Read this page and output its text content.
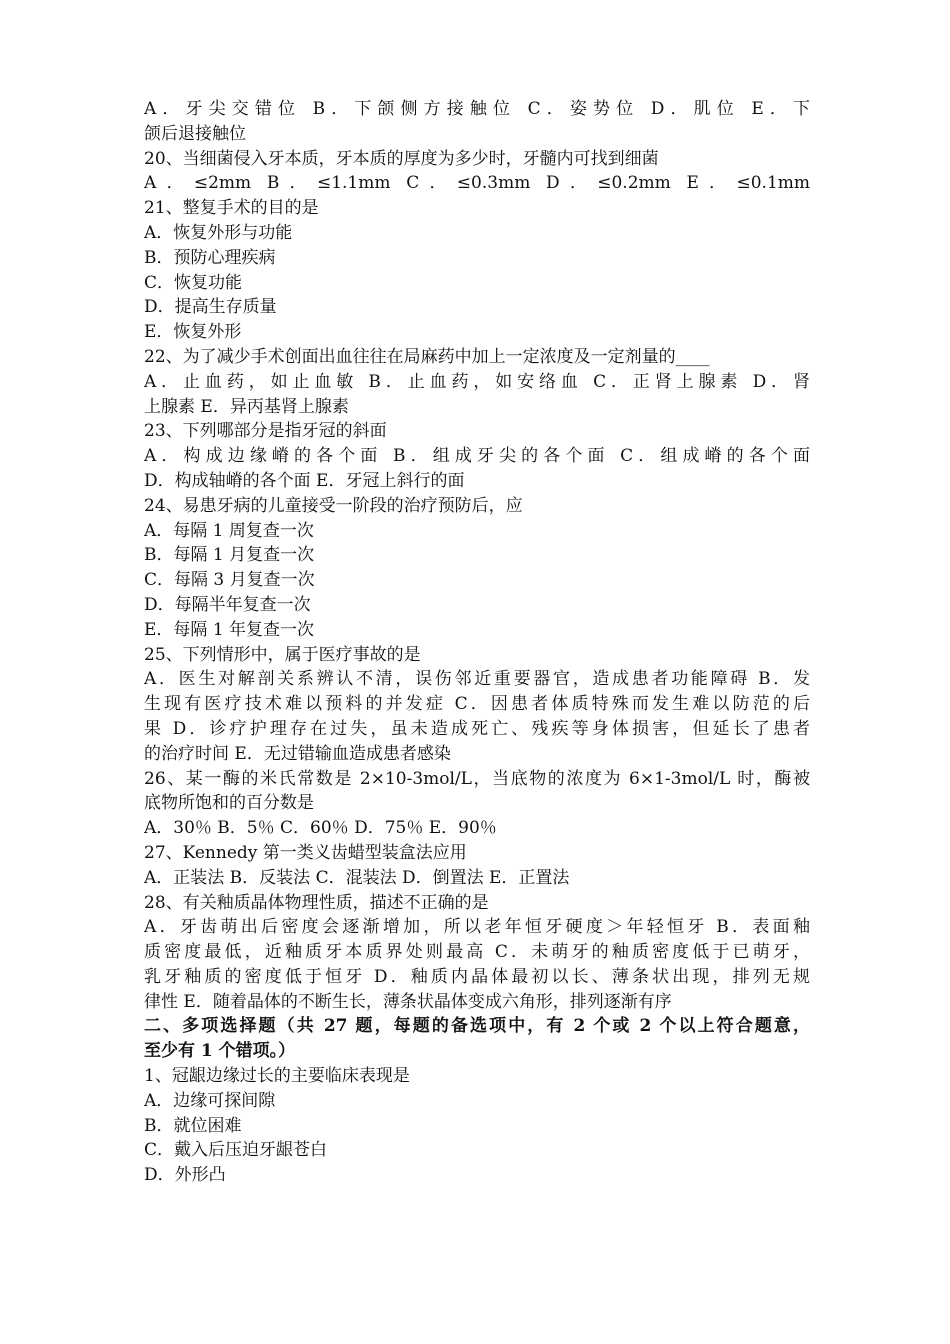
A．牙尖交错位 B．下颌侧方接触位 C．姿势位 D．肌位 E．下
颌后退接触位
20、当细菌侵入牙本质，牙本质的厚度为多少时，牙髓内可找到细菌
A．≤2mm B．≤1.1mm C．≤0.3mm D．≤0.2mm E．≤0.1mm
21、整复手术的目的是
A．恢复外形与功能
B．预防心理疾病
C．恢复功能
D．提高生存质量
E．恢复外形
22、为了减少手术创面出血往往在局麻药中加上一定浓度及一定剂量的____
A．止血药，如止血敏 B．止血药，如安络血 C．正肾上腺素 D．肾
上腺素 E．异丙基肾上腺素
23、下列哪部分是指牙冠的斜面
A．构成边缘嵴的各个面 B．组成牙尖的各个面 C．组成嵴的各个面
D．构成轴嵴的各个面 E．牙冠上斜行的面
24、易患牙病的儿童接受一阶段的治疗预防后，应
A．每隔 1 周复查一次
B．每隔 1 月复查一次
C．每隔 3 月复查一次
D．每隔半年复查一次
E．每隔 1 年复查一次
25、下列情形中，属于医疗事故的是
A．医生对解剖关系辨认不清，误伤邻近重要器官，造成患者功能障碍 B．发
生现有医疗技术难以预料的并发症 C．因患者体质特殊而发生难以防范的后
果 D．诊疗护理存在过失，虽未造成死亡、残疾等身体损害，但延长了患者
的治疗时间 E．无过错输血造成患者感染
26、某一酶的米氏常数是 2×10-3mol/L，当底物的浓度为 6×1-3mol/L 时，酶被
底物所饱和的百分数是
A．30％ B．5％ C．60％ D．75％ E．90％
27、Kennedy 第一类义齿蜡型装盒法应用
A．正装法 B．反装法 C．混装法 D．倒置法 E．正置法
28、有关釉质晶体物理性质，描述不正确的是
A．牙齿萌出后密度会逐渐增加，所以老年恒牙硬度＞年轻恒牙 B．表面釉
质密度最低，近釉质牙本质界处则最高 C．未萌牙的釉质密度低于已萌牙，
乳牙釉质的密度低于恒牙 D．釉质内晶体最初以长、薄条状出现，排列无规
律性 E．随着晶体的不断生长，薄条状晶体变成六角形，排列逐渐有序
二、多项选择题（共 27 题，每题的备选项中，有 2 个或 2 个以上符合题意，
至少有 1 个错项。）
1、冠龈边缘过长的主要临床表现是
A．边缘可探间隙
B．就位困难
C．戴入后压迫牙龈苍白
D．外形凸
